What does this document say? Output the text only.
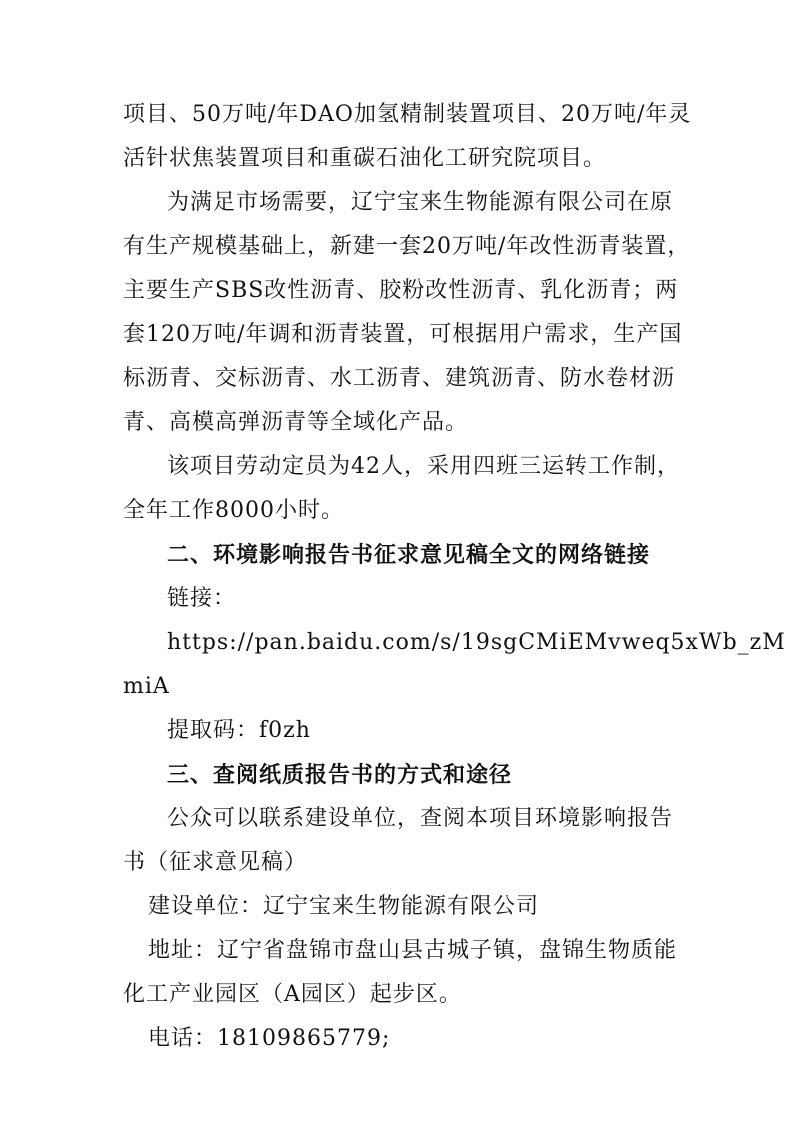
项目、50万吨/年DAO加氢精制装置项目、20万吨/年灵
活针状焦装置项目和重碳石油化工研究院项目。
为满足市场需要，辽宁宝来生物能源有限公司在原
有生产规模基础上，新建一套20万吨/年改性沥青装置，
主要生产SBS改性沥青、胶粉改性沥青、乳化沥青；两
套120万吨/年调和沥青装置，可根据用户需求，生产国
标沥青、交标沥青、水工沥青、建筑沥青、防水卷材沥
青、高模高弹沥青等全域化产品。
该项目劳动定员为42人，采用四班三运转工作制，
全年工作8000小时。
二、环境影响报告书征求意见稿全文的网络链接
链接：
https://pan.baidu.com/s/19sgCMiEMvweq5xWb_zM
miA
提取码：f0zh
三、查阅纸质报告书的方式和途径
公众可以联系建设单位，查阅本项目环境影响报告
书（征求意见稿）
建设单位：辽宁宝来生物能源有限公司
地址：辽宁省盘锦市盘山县古城子镇，盘锦生物质能
化工产业园区（A园区）起步区。
电话：18109865779;
